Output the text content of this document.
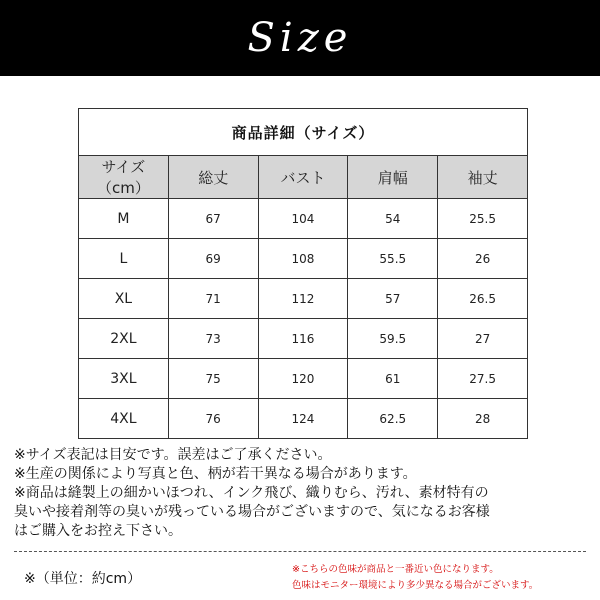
Size
商品詳細（サイズ）				
サイズ（cm）	総丈	バスト	肩幅	袖丈
M	67	104	54	25.5
L	69	108	55.5	26
XL	71	112	57	26.5
2XL	73	116	59.5	27
3XL	75	120	61	27.5
4XL	76	124	62.5	28
※サイズ表記は目安です。誤差はご了承ください。
※生産の関係により写真と色、柄が若干異なる場合があります。
※商品は縫製上の細かいほつれ、インク飛び、織りむら、汚れ、素材特有の
臭いや接着剤等の臭いが残っている場合がございますので、気になるお客様
はご購入をお控え下さい。
※（単位：約cm）
※こちらの色味が商品と一番近い色になります。
色味はモニター環境により多少異なる場合がございます。
